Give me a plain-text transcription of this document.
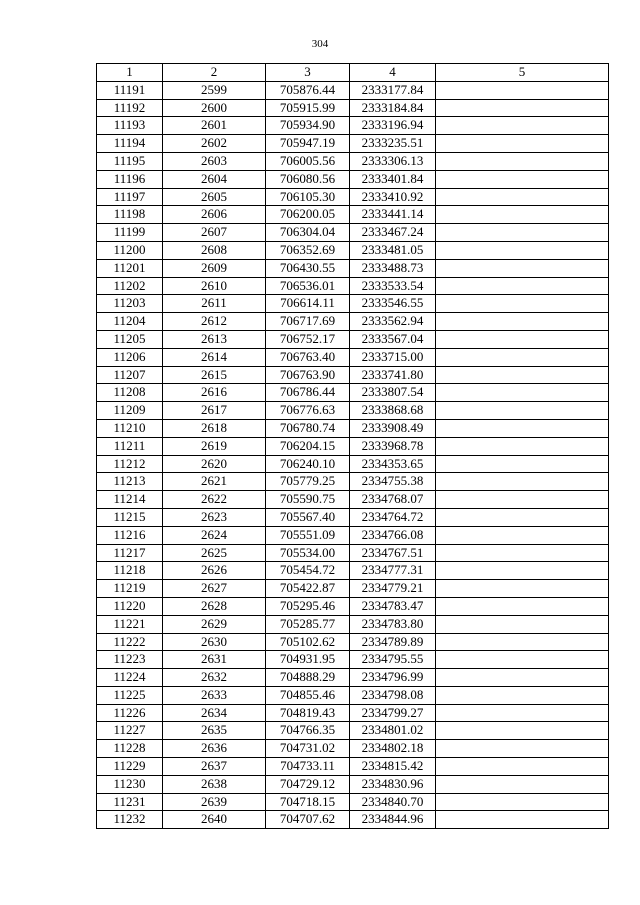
304
1	2	3	4	5
11191	2599	705876.44	2333177.84	
11192	2600	705915.99	2333184.84	
11193	2601	705934.90	2333196.94	
11194	2602	705947.19	2333235.51	
11195	2603	706005.56	2333306.13	
11196	2604	706080.56	2333401.84	
11197	2605	706105.30	2333410.92	
11198	2606	706200.05	2333441.14	
11199	2607	706304.04	2333467.24	
11200	2608	706352.69	2333481.05	
11201	2609	706430.55	2333488.73	
11202	2610	706536.01	2333533.54	
11203	2611	706614.11	2333546.55	
11204	2612	706717.69	2333562.94	
11205	2613	706752.17	2333567.04	
11206	2614	706763.40	2333715.00	
11207	2615	706763.90	2333741.80	
11208	2616	706786.44	2333807.54	
11209	2617	706776.63	2333868.68	
11210	2618	706780.74	2333908.49	
11211	2619	706204.15	2333968.78	
11212	2620	706240.10	2334353.65	
11213	2621	705779.25	2334755.38	
11214	2622	705590.75	2334768.07	
11215	2623	705567.40	2334764.72	
11216	2624	705551.09	2334766.08	
11217	2625	705534.00	2334767.51	
11218	2626	705454.72	2334777.31	
11219	2627	705422.87	2334779.21	
11220	2628	705295.46	2334783.47	
11221	2629	705285.77	2334783.80	
11222	2630	705102.62	2334789.89	
11223	2631	704931.95	2334795.55	
11224	2632	704888.29	2334796.99	
11225	2633	704855.46	2334798.08	
11226	2634	704819.43	2334799.27	
11227	2635	704766.35	2334801.02	
11228	2636	704731.02	2334802.18	
11229	2637	704733.11	2334815.42	
11230	2638	704729.12	2334830.96	
11231	2639	704718.15	2334840.70	
11232	2640	704707.62	2334844.96	
